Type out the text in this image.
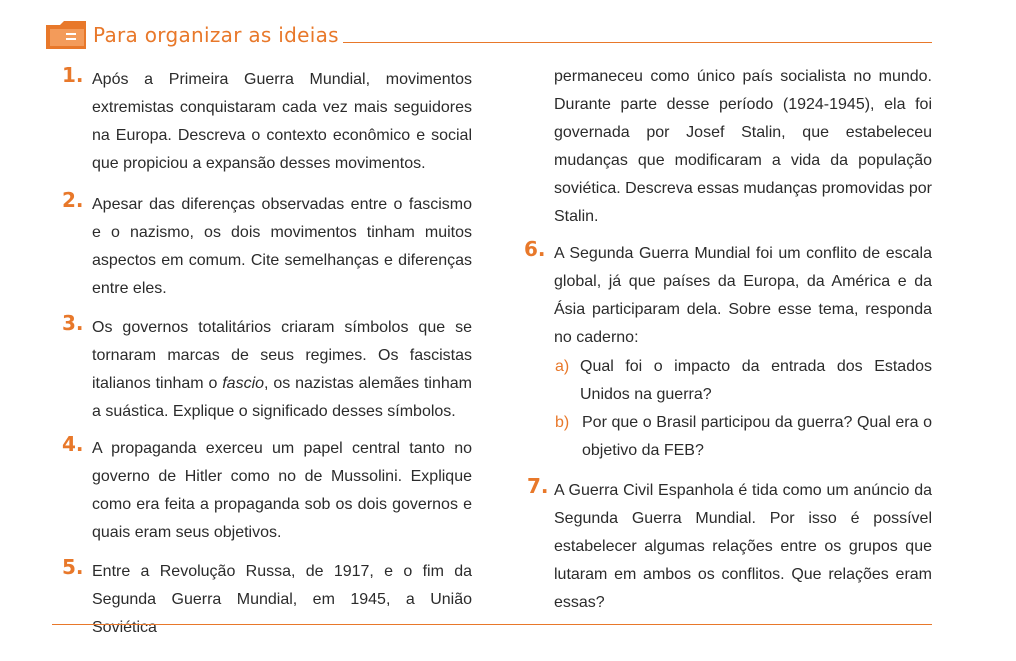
Para organizar as ideias
1. Após a Primeira Guerra Mundial, movimentos extremistas conquistaram cada vez mais seguidores na Europa. Descreva o contexto econômico e social que propiciou a expansão desses movimentos.

2. Apesar das diferenças observadas entre o fascismo e o nazismo, os dois movimentos tinham muitos aspectos em comum. Cite semelhanças e diferenças entre eles.

3. Os governos totalitários criaram símbolos que se tornaram marcas de seus regimes. Os fascistas italianos tinham o fascio, os nazistas alemães tinham a suástica. Explique o significado desses símbolos.

4. A propaganda exerceu um papel central tanto no governo de Hitler como no de Mussolini. Explique como era feita a propaganda sob os dois governos e quais eram seus objetivos.

5. Entre a Revolução Russa, de 1917, e o fim da Segunda Guerra Mundial, em 1945, a União Soviética

permaneceu como único país socialista no mundo. Durante parte desse período (1924-1945), ela foi governada por Josef Stalin, que estabeleceu mudanças que modificaram a vida da população soviética. Descreva essas mudanças promovidas por Stalin.

6. A Segunda Guerra Mundial foi um conflito de escala global, já que países da Europa, da América e da Ásia participaram dela. Sobre esse tema, responda no caderno:

a) Qual foi o impacto da entrada dos Estados Unidos na guerra?

b) Por que o Brasil participou da guerra? Qual era o objetivo da FEB?

7. A Guerra Civil Espanhola é tida como um anúncio da Segunda Guerra Mundial. Por isso é possível estabelecer algumas relações entre os grupos que lutaram em ambos os conflitos. Que relações eram essas?
